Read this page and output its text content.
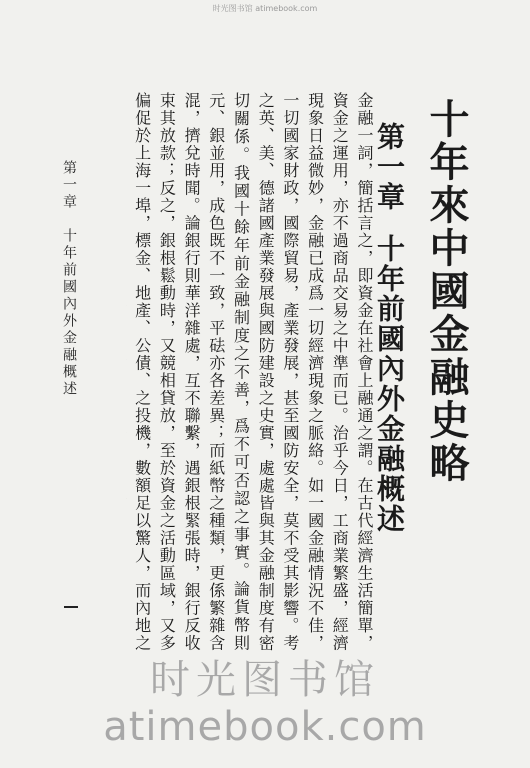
时光图书馆 atimebook.com
十年來中國金融史略
第一章十年前國內外金融概述
金融一詞，簡括言之，即資金在社會上融通之謂。在古代經濟生活簡單，資金之運用，亦不過商品交易之中準而已。治乎今日，工商業繁盛，經濟現象日益微妙，金融已成爲一切經濟現象之脈絡。如一國金融情況不佳，一切國家財政，國際貿易，產業發展，甚至國防安全，莫不受其影響。考之英、美、德諸國產業發展與國防建設之史實，處處皆與其金融制度有密切關係。我國十餘年前金融制度之不善，爲不可否認之事實。論貨幣則元、銀並用，成色既不一致，平砝亦各差異；而紙幣之種類，更係繁雜含混，擠兌時聞。論銀行則華洋雜處，互不聯繫，遇銀根緊張時，銀行反收束其放款；反之，銀根鬆動時，又競相貸放，至於資金之活動區域，又多偏促於上海一埠，標金、地產、公債、之投機，數額足以驚人，而內地之
第一章　十年前國內外金融概述
时光图书馆
atimebook.com
